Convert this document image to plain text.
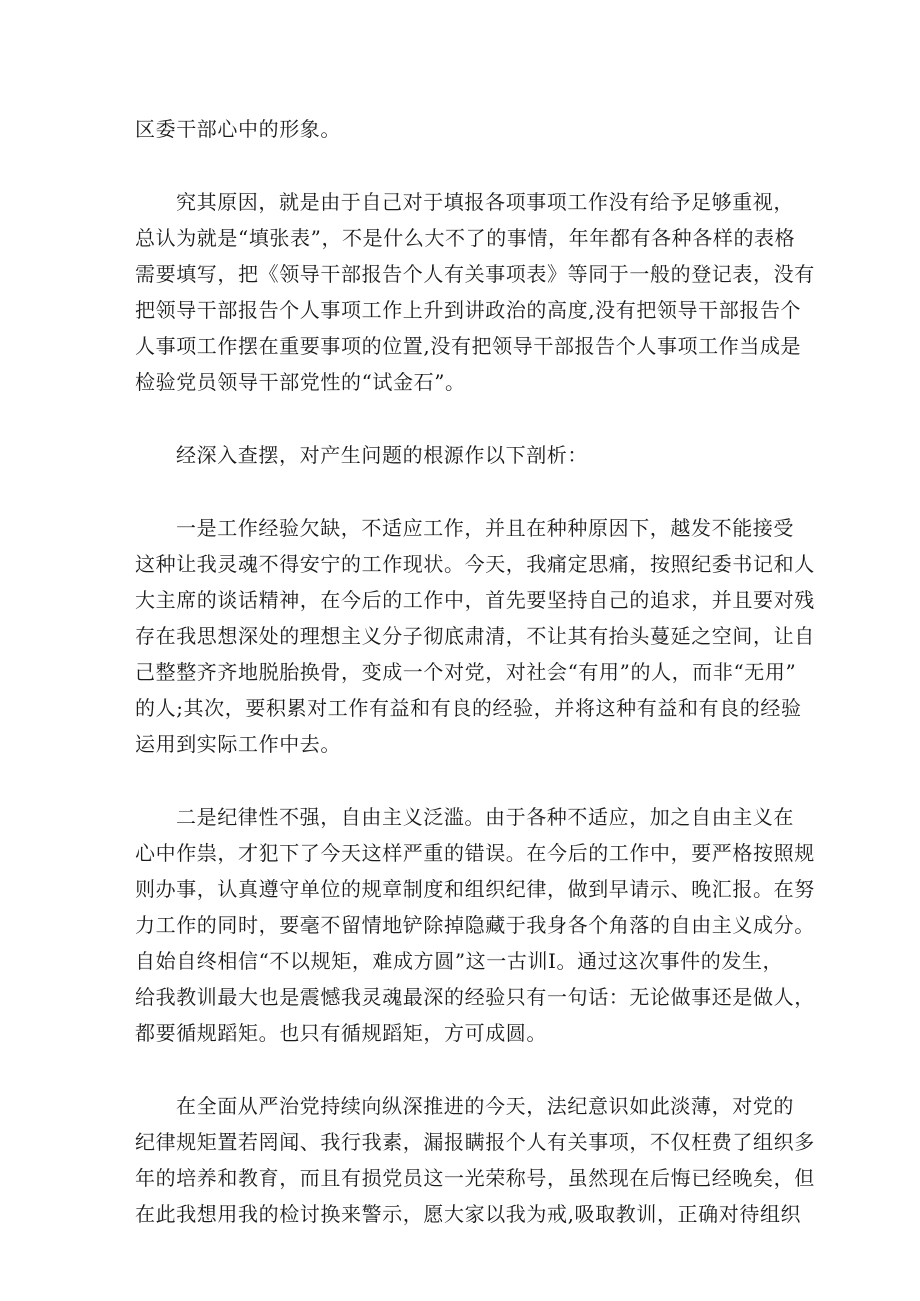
区委干部心中的形象。

究其原因，就是由于自己对于填报各项事项工作没有给予足够重视，
总认为就是“填张表”，不是什么大不了的事情，年年都有各种各样的表格
需要填写，把《领导干部报告个人有关事项表》等同于一般的登记表，没有
把领导干部报告个人事项工作上升到讲政治的高度,没有把领导干部报告个
人事项工作摆在重要事项的位置,没有把领导干部报告个人事项工作当成是
检验党员领导干部党性的“试金石”。

经深入查摆，对产生问题的根源作以下剖析：

一是工作经验欠缺，不适应工作，并且在种种原因下，越发不能接受
这种让我灵魂不得安宁的工作现状。今天，我痛定思痛，按照纪委书记和人
大主席的谈话精神，在今后的工作中，首先要坚持自己的追求，并且要对残
存在我思想深处的理想主义分子彻底肃清，不让其有抬头蔓延之空间，让自
己整整齐齐地脱胎换骨，变成一个对党，对社会“有用”的人，而非“无用”
的人;其次，要积累对工作有益和有良的经验，并将这种有益和有良的经验
运用到实际工作中去。

二是纪律性不强，自由主义泛滥。由于各种不适应，加之自由主义在
心中作祟，才犯下了今天这样严重的错误。在今后的工作中，要严格按照规
则办事，认真遵守单位的规章制度和组织纪律，做到早请示、晚汇报。在努
力工作的同时，要毫不留情地铲除掉隐藏于我身各个角落的自由主义成分。
自始自终相信“不以规矩，难成方圆”这一古训I。通过这次事件的发生，
给我教训最大也是震憾我灵魂最深的经验只有一句话：无论做事还是做人，
都要循规蹈矩。也只有循规蹈矩，方可成圆。

在全面从严治党持续向纵深推进的今天，法纪意识如此淡薄，对党的
纪律规矩置若罔闻、我行我素，漏报瞒报个人有关事项，不仅枉费了组织多
年的培养和教育，而且有损党员这一光荣称号，虽然现在后悔已经晚矣，但
在此我想用我的检讨换来警示，愿大家以我为戒,吸取教训，正确对待组织
